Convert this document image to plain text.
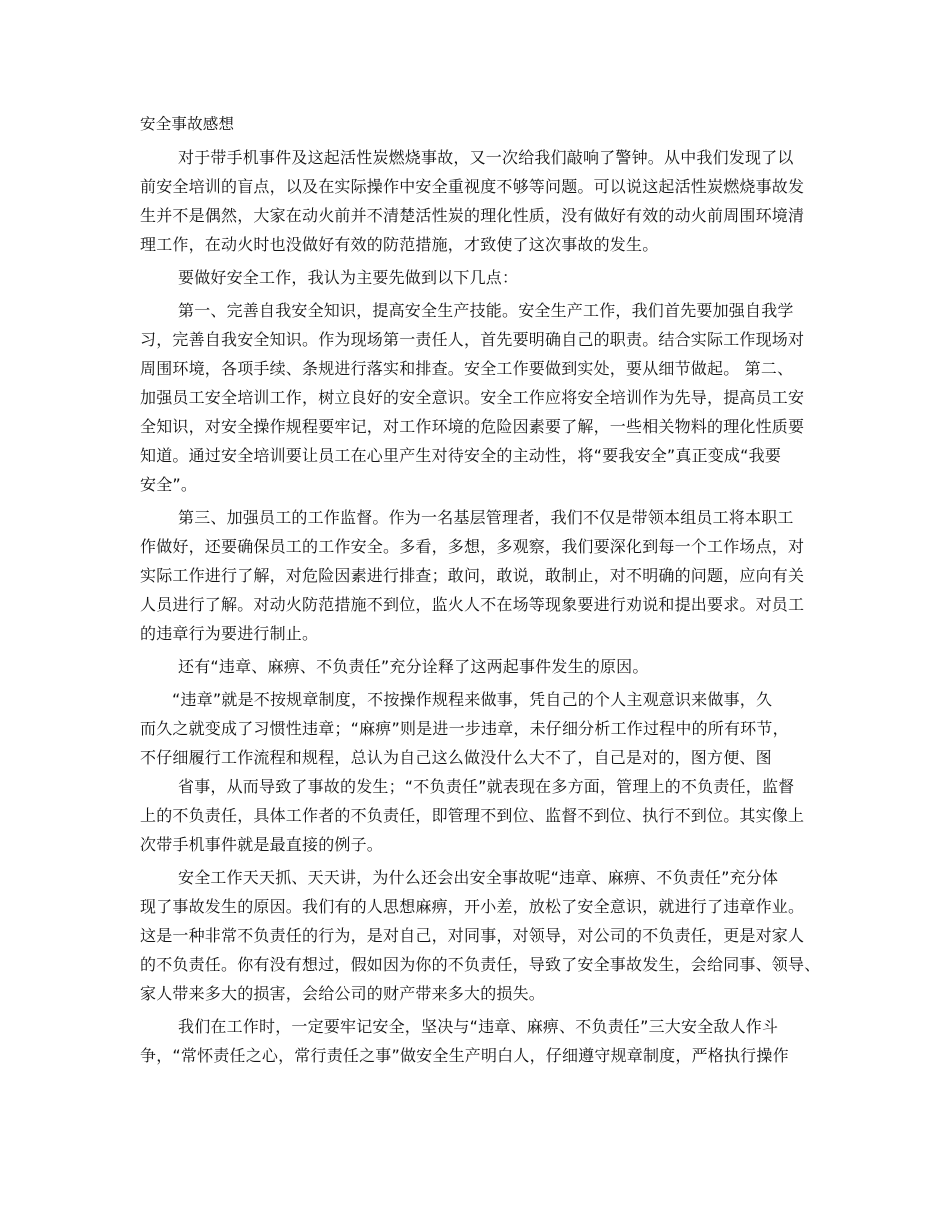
安全事故感想
对于带手机事件及这起活性炭燃烧事故，又一次给我们敲响了警钟。从中我们发现了以
前安全培训的盲点，以及在实际操作中安全重视度不够等问题。可以说这起活性炭燃烧事故发
生并不是偶然，大家在动火前并不清楚活性炭的理化性质，没有做好有效的动火前周围环境清
理工作，在动火时也没做好有效的防范措施，才致使了这次事故的发生。
要做好安全工作，我认为主要先做到以下几点：
第一、完善自我安全知识，提高安全生产技能。安全生产工作，我们首先要加强自我学
习，完善自我安全知识。作为现场第一责任人，首先要明确自己的职责。结合实际工作现场对
周围环境，各项手续、条规进行落实和排查。安全工作要做到实处，要从细节做起。 第二、
加强员工安全培训工作，树立良好的安全意识。安全工作应将安全培训作为先导，提高员工安
全知识，对安全操作规程要牢记，对工作环境的危险因素要了解，一些相关物料的理化性质要
知道。通过安全培训要让员工在心里产生对待安全的主动性，将“要我安全”真正变成“我要
安全”。
第三、加强员工的工作监督。作为一名基层管理者，我们不仅是带领本组员工将本职工
作做好，还要确保员工的工作安全。多看，多想，多观察，我们要深化到每一个工作场点，对
实际工作进行了解，对危险因素进行排查；敢问，敢说，敢制止，对不明确的问题，应向有关
人员进行了解。对动火防范措施不到位，监火人不在场等现象要进行劝说和提出要求。对员工
的违章行为要进行制止。
还有“违章、麻痹、不负责任”充分诠释了这两起事件发生的原因。
“违章”就是不按规章制度，不按操作规程来做事，凭自己的个人主观意识来做事，久
而久之就变成了习惯性违章；“麻痹”则是进一步违章，未仔细分析工作过程中的所有环节，
不仔细履行工作流程和规程，总认为自己这么做没什么大不了，自己是对的，图方便、图
省事，从而导致了事故的发生；“不负责任”就表现在多方面，管理上的不负责任，监督
上的不负责任，具体工作者的不负责任，即管理不到位、监督不到位、执行不到位。其实像上
次带手机事件就是最直接的例子。
安全工作天天抓、天天讲，为什么还会出安全事故呢“违章、麻痹、不负责任”充分体
现了事故发生的原因。我们有的人思想麻痹，开小差，放松了安全意识，就进行了违章作业。
这是一种非常不负责任的行为，是对自己，对同事，对领导，对公司的不负责任，更是对家人
的不负责任。你有没有想过，假如因为你的不负责任，导致了安全事故发生，会给同事、领导、
家人带来多大的损害，会给公司的财产带来多大的损失。
我们在工作时，一定要牢记安全，坚决与“违章、麻痹、不负责任”三大安全敌人作斗
争，“常怀责任之心，常行责任之事”做安全生产明白人，仔细遵守规章制度，严格执行操作
